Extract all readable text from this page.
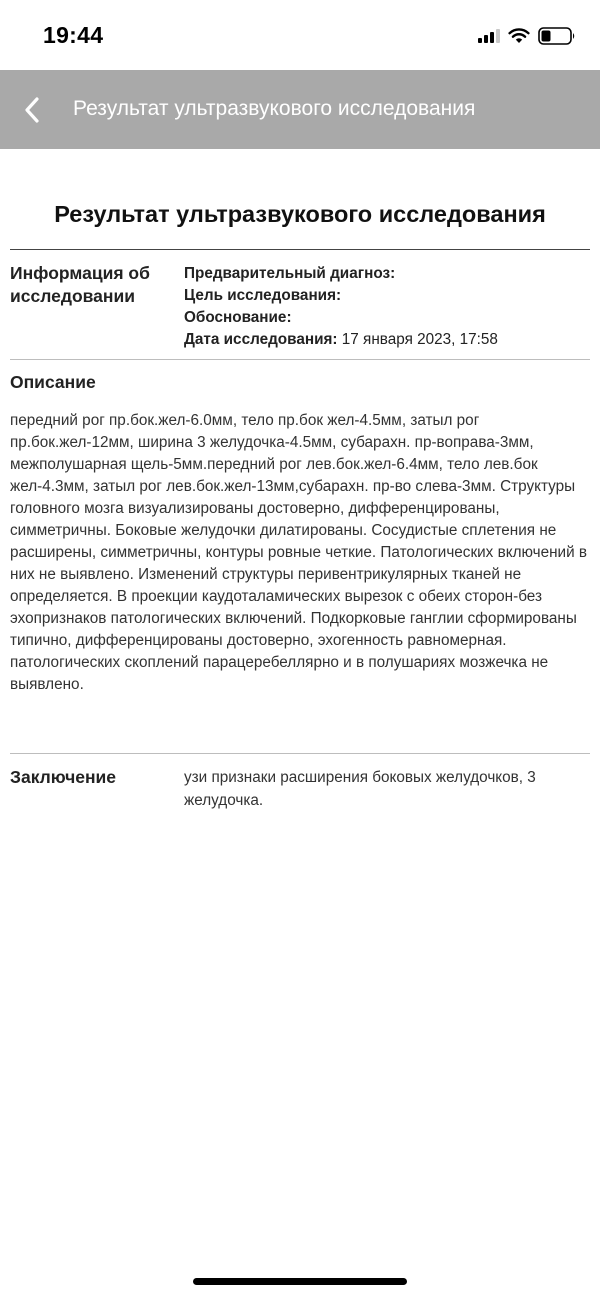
19:44
Результат ультразвукового исследования
Результат ультразвукового исследования
Информация об исследовании
Предварительный диагноз:
Цель исследования:
Обоснование:
Дата исследования: 17 января 2023, 17:58
Описание
передний рог пр.бок.жел-6.0мм, тело пр.бок жел-4.5мм, затыл рог пр.бок.жел-12мм, ширина 3 желудочка-4.5мм, субарахн. пр-воправа-3мм, межполушарная щель-5мм.передний рог лев.бок.жел-6.4мм, тело лев.бок жел-4.3мм, затыл рог лев.бок.жел-13мм,субарахн. пр-во слева-3мм. Структуры головного мозга визуализированы достоверно, дифференцированы, симметричны. Боковые желудочки дилатированы. Сосудистые сплетения не расширены, симметричны, контуры ровные четкие. Патологических включений в них не выявлено. Изменений структуры перивентрикулярных тканей не определяется. В проекции каудоталамических вырезок с обеих сторон-без эхопризнаков патологических включений. Подкорковые ганглии сформированы типично, дифференцированы достоверно, эхогенность равномерная. патологических скоплений парацеребеллярно и в полушариях мозжечка не выявлено.
Заключение	узи признаки расширения боковых желудочков, 3 желудочка.
